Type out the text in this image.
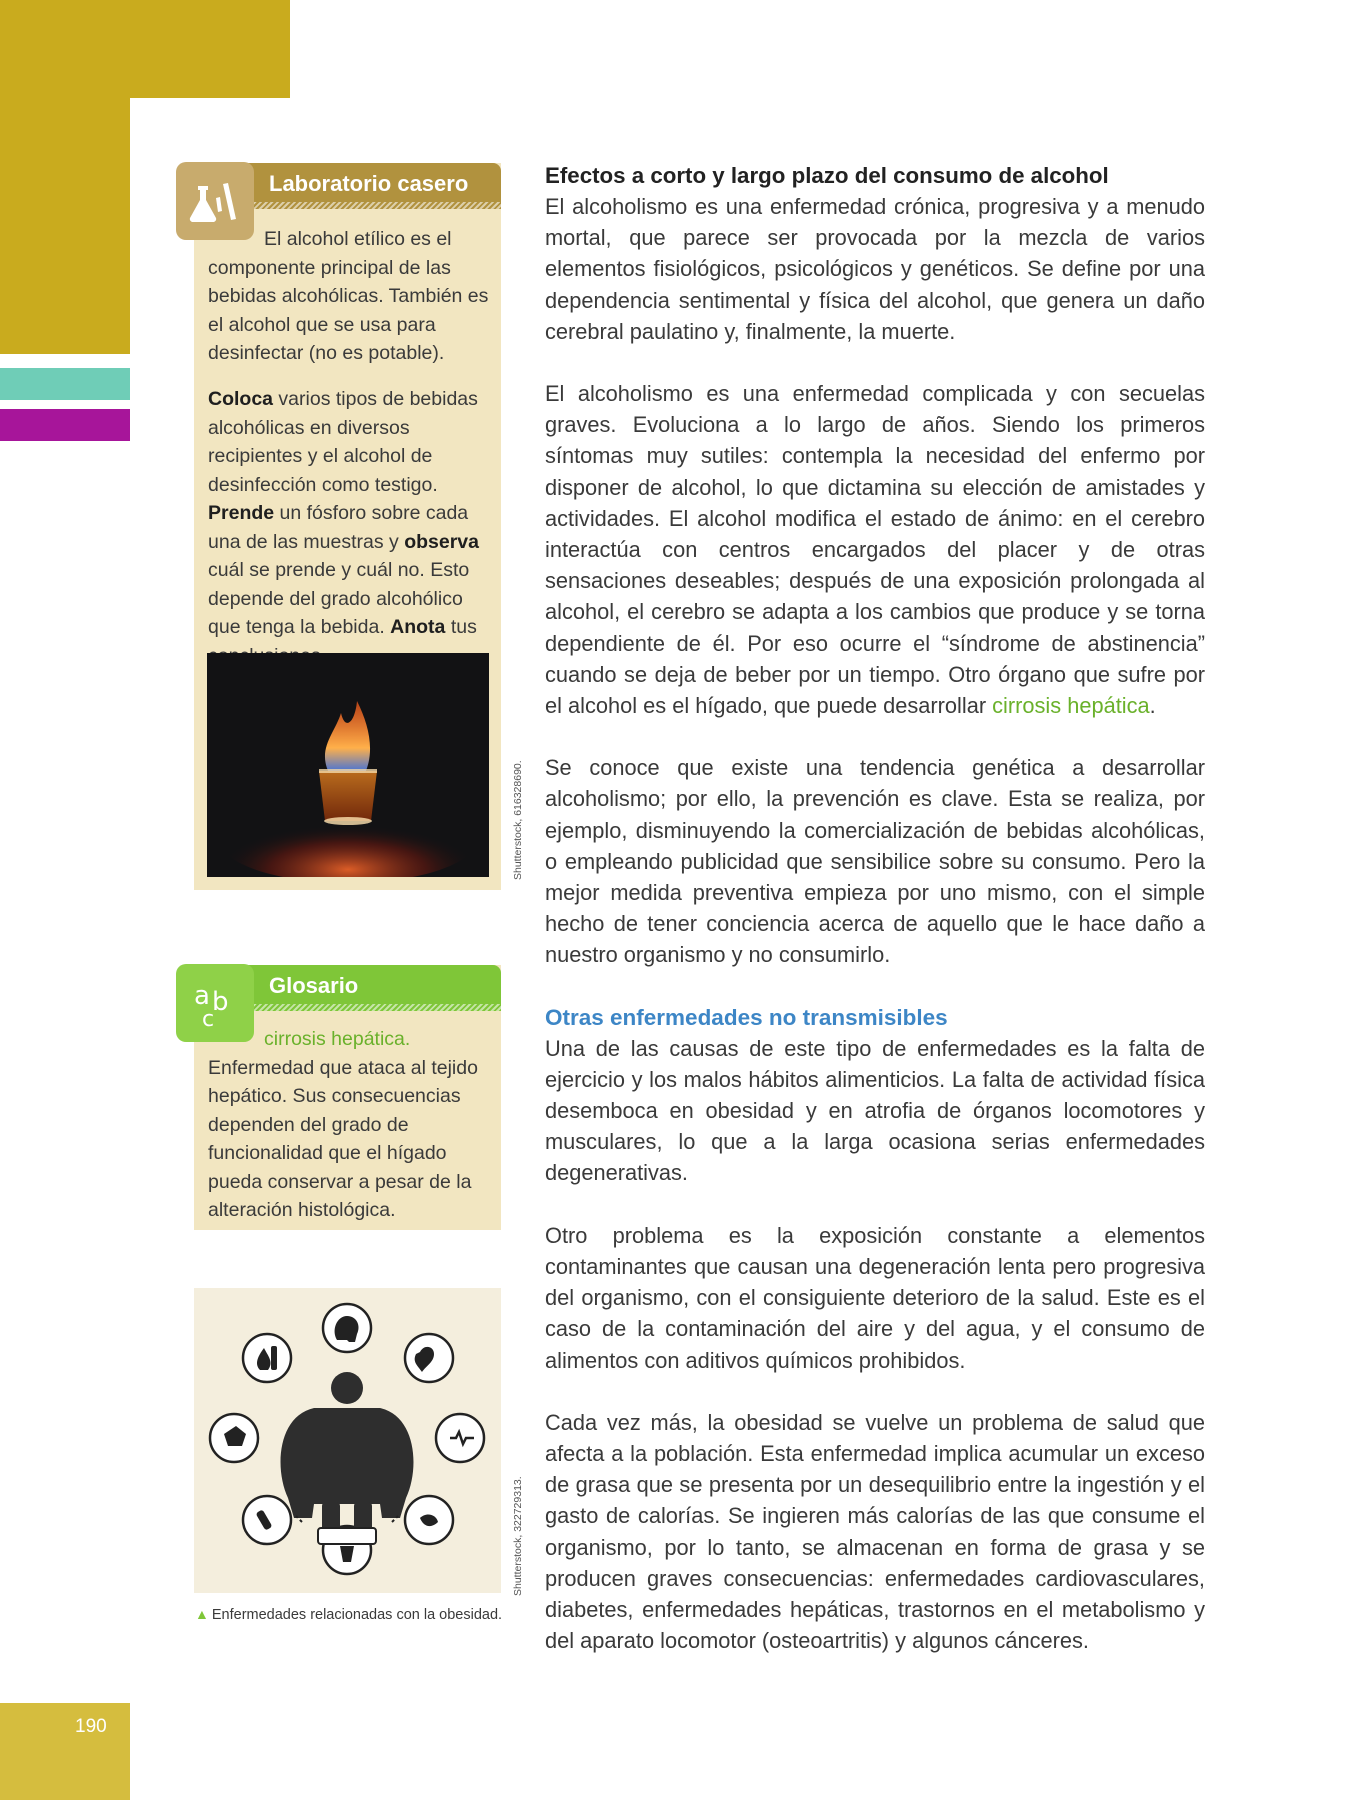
190
Laboratorio casero
El alcohol etílico es el componente principal de las bebidas alcohólicas. También es el alcohol que se usa para desinfectar (no es potable).
Coloca varios tipos de bebidas alcohólicas en diversos recipientes y el alcohol de desinfección como testigo. Prende un fósforo sobre cada una de las muestras y observa cuál se prende y cuál no. Esto depende del grado alcohólico que tenga la bebida. Anota tus
Shutterstock, 616328690.
Glosario
a b
c
cirrosis hepática. Enfermedad que ataca al tejido hepático. Sus consecuencias dependen del grado de funcionalidad que el hígado pueda conservar a pesar de la alteración histológica.
Shutterstock, 322729313.
▲ Enfermedades relacionadas con la obesidad.
Efectos a corto y largo plazo del consumo de alcohol

El alcoholismo es una enfermedad crónica, progresiva y a menudo mortal, que parece ser provocada por la mezcla de varios elementos fisiológicos, psicológicos y genéticos. Se define por una dependencia sentimental y física del alcohol, que genera un daño cerebral paulatino y, finalmente, la muerte.

El alcoholismo es una enfermedad complicada y con secuelas graves. Evoluciona a lo largo de años. Siendo los primeros síntomas muy sutiles: contempla la necesidad del enfermo por disponer de alcohol, lo que dictamina su elección de amistades y actividades. El alcohol modifica el estado de ánimo: en el cerebro interactúa con centros encargados del placer y de otras sensaciones deseables; después de una exposición prolongada al alcohol, el cerebro se adapta a los cambios que produce y se torna dependiente de él. Por eso ocurre el “síndrome de abstinencia” cuando se deja de beber por un tiempo. Otro órgano que sufre por el alcohol es el hígado, que puede desarrollar cirrosis hepática.

Se conoce que existe una tendencia genética a desarrollar alcoholismo; por ello, la prevención es clave. Esta se realiza, por ejemplo, disminuyendo la comercialización de bebidas alcohólicas, o empleando publicidad que sensibilice sobre su consumo. Pero la mejor medida preventiva empieza por uno mismo, con el simple hecho de tener conciencia acerca de aquello que le hace daño a nuestro organismo y no consumirlo.

Otras enfermedades no transmisibles

Una de las causas de este tipo de enfermedades es la falta de ejercicio y los malos hábitos alimenticios. La falta de actividad física desemboca en obesidad y en atrofia de órganos locomotores y musculares, lo que a la larga ocasiona serias enfermedades degenerativas.

Otro problema es la exposición constante a elementos contaminantes que causan una degeneración lenta pero progresiva del organismo, con el consiguiente deterioro de la salud. Este es el caso de la contaminación del aire y del agua, y el consumo de alimentos con aditivos químicos prohibidos.

Cada vez más, la obesidad se vuelve un problema de salud que afecta a la población. Esta enfermedad implica acumular un exceso de grasa que se presenta por un desequilibrio entre la ingestión y el gasto de calorías. Se ingieren más calorías de las que consume el organismo, por lo tanto, se almacenan en forma de grasa y se producen graves consecuencias: enfermedades cardiovasculares, diabetes, enfermedades hepáticas, trastornos en el metabolismo y del aparato locomotor (osteoartritis) y algunos cánceres.
